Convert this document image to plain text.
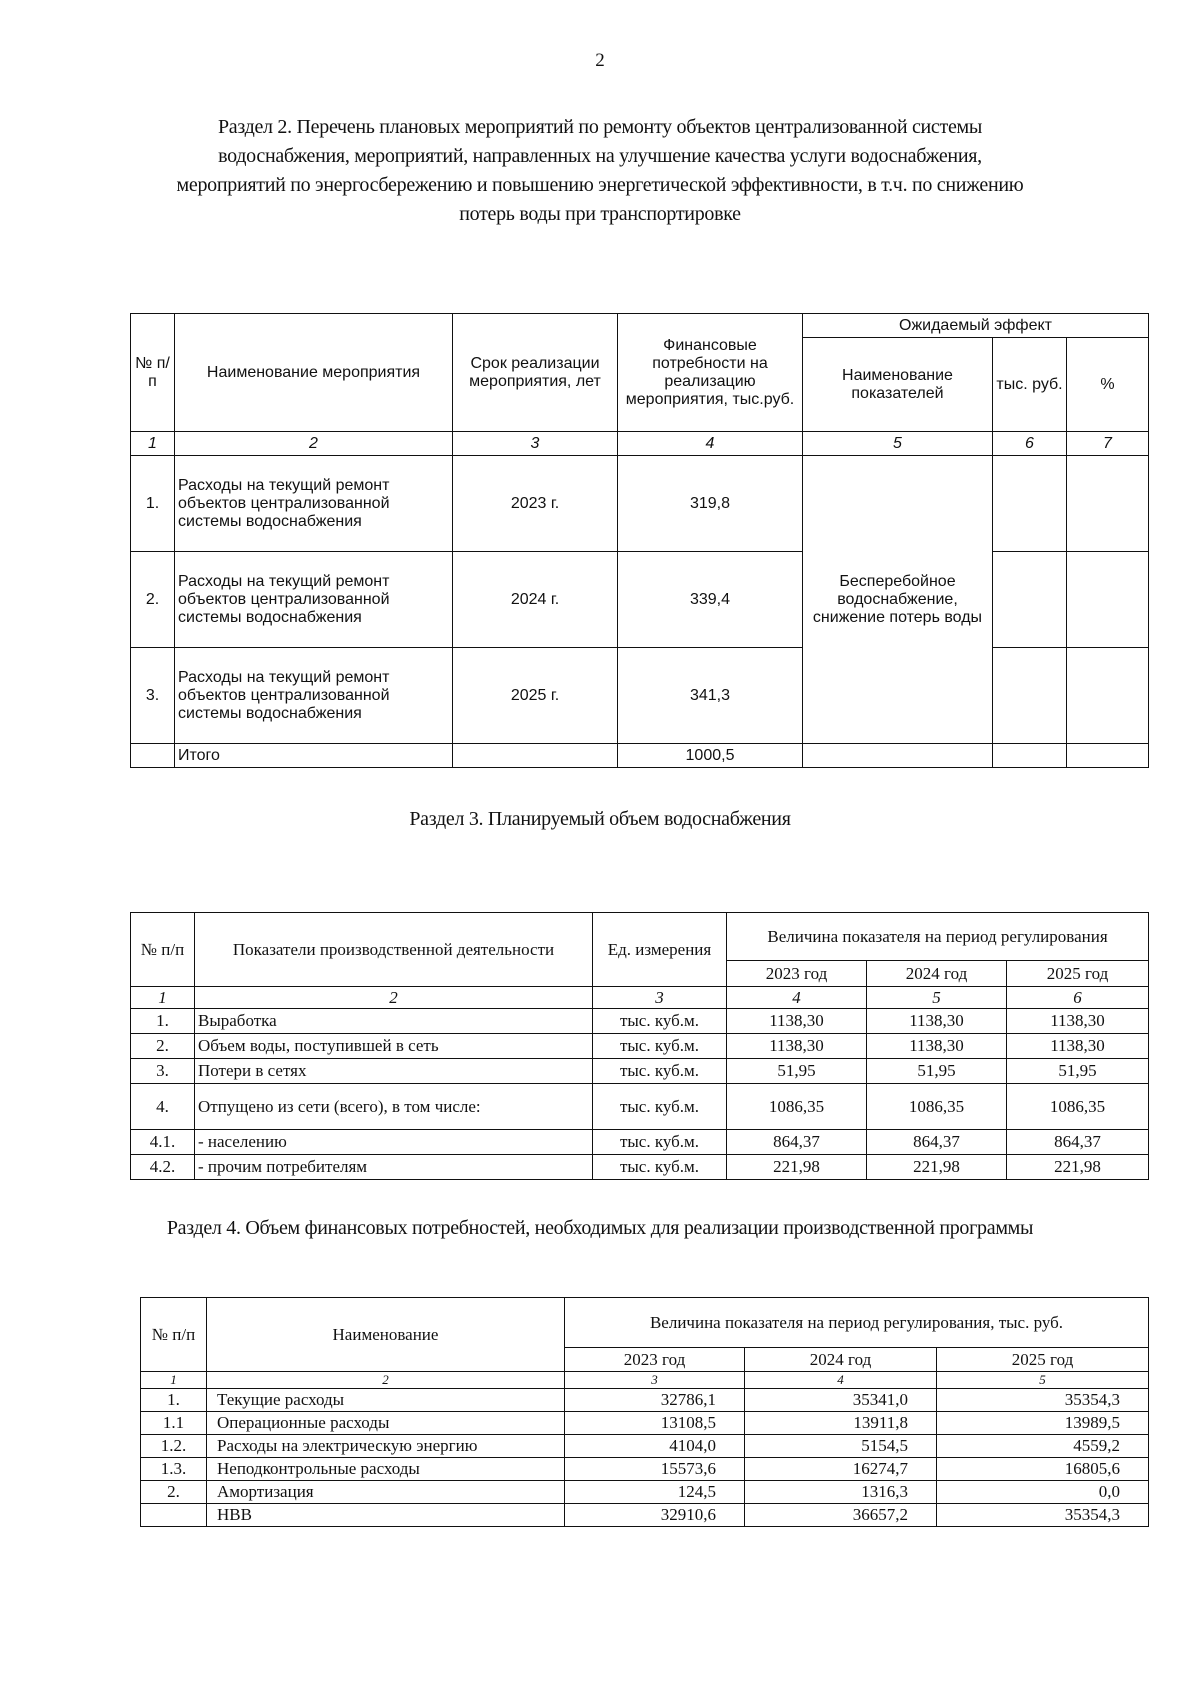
2
Раздел 2. Перечень плановых мероприятий по ремонту объектов централизованной системы
водоснабжения, мероприятий, направленных на улучшение качества услуги водоснабжения,
мероприятий по энергосбережению и повышению энергетической эффективности, в т.ч. по снижению
потерь воды при транспортировке
№ п/п	Наименование мероприятия	Срок реализации мероприятия, лет	Финансовые потребности на реализацию мероприятия, тыс.руб.	Ожидаемый эффект		
				Наименование показателей	тыс. руб.	%
1	2	3	4	5	6	7
1.	Расходы на текущий ремонт объектов централизованной системы водоснабжения	2023 г.	319,8	Бесперебойное водоснабжение, снижение потерь воды		
2.	Расходы на текущий ремонт объектов централизованной системы водоснабжения	2024 г.	339,4			
3.	Расходы на текущий ремонт объектов централизованной системы водоснабжения	2025 г.	341,3			
	Итого		1000,5			
Раздел 3. Планируемый объем водоснабжения
№ п/п	Показатели производственной деятельности	Ед. измерения	Величина показателя на период регулирования		
			2023 год	2024 год	2025 год
1	2	3	4	5	6
1.	Выработка	тыс. куб.м.	1138,30	1138,30	1138,30
2.	Объем воды, поступившей в сеть	тыс. куб.м.	1138,30	1138,30	1138,30
3.	Потери в сетях	тыс. куб.м.	51,95	51,95	51,95
4.	Отпущено из сети (всего), в том числе:	тыс. куб.м.	1086,35	1086,35	1086,35
4.1.	- населению	тыс. куб.м.	864,37	864,37	864,37
4.2.	- прочим потребителям	тыс. куб.м.	221,98	221,98	221,98
Раздел 4. Объем финансовых потребностей, необходимых для реализации производственной программы
№ п/п	Наименование	Величина показателя на период регулирования, тыс. руб.		
		2023 год	2024 год	2025 год
1	2	3	4	5
1.	Текущие расходы	32786,1	35341,0	35354,3
1.1	Операционные расходы	13108,5	13911,8	13989,5
1.2.	Расходы на электрическую энергию	4104,0	5154,5	4559,2
1.3.	Неподконтрольные расходы	15573,6	16274,7	16805,6
2.	Амортизация	124,5	1316,3	0,0
	НВВ	32910,6	36657,2	35354,3
